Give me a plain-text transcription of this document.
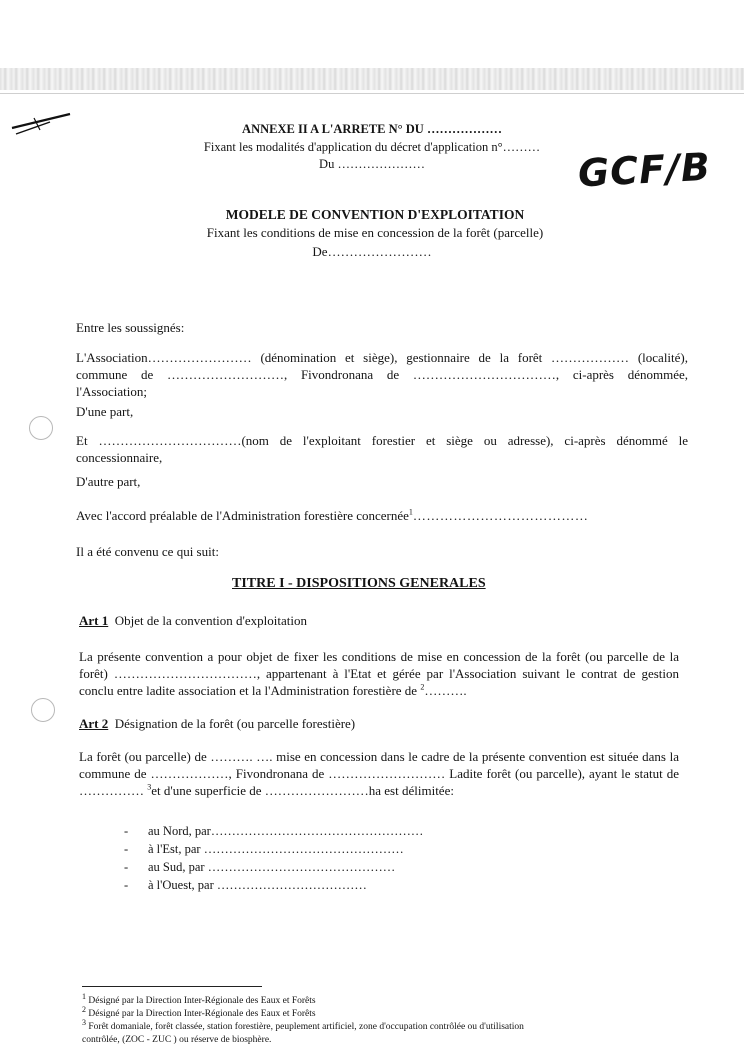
GCF/B
ANNEXE II A L'ARRETE N° DU ………………
Fixant les modalités d'application du décret d'application n°………
Du …………………
MODELE DE CONVENTION D'EXPLOITATION
Fixant les conditions de mise en concession de la forêt (parcelle)
De……………………
Entre les soussignés:
L'Association…………………… (dénomination et siège), gestionnaire de la forêt ……………… (localité), commune de ………………………, Fivondronana de ……………………………, ci-après dénommée, l'Association;
D'une part,
Et ……………………………(nom de l'exploitant forestier et siège ou adresse), ci-après dénommé le concessionnaire,
D'autre part,
Avec l'accord préalable de l'Administration forestière concernée$^1$…………………………………
Il a été convenu ce qui suit:
TITRE I - DISPOSITIONS GENERALES
Art 1 Objet de la convention d'exploitation
La présente convention a pour objet de fixer les conditions de mise en concession de la forêt (ou parcelle de la forêt) ……………………………, appartenant à l'Etat et gérée par l'Association suivant le contrat de gestion conclu entre ladite association et la l'Administration forestière de $^2$……….
Art 2 Désignation de la forêt (ou parcelle forestière)
La forêt (ou parcelle) de ………. …. mise en concession dans le cadre de la présente convention est située dans la commune de ………………, Fivondronana de ……………………… Ladite forêt (ou parcelle), ayant le statut de …………… $^3$et d'une superficie de ……………………ha est délimitée:
-	au Nord, par……………………………………………
-	à l'Est, par …………………………………………
-	au Sud, par ………………………………………
-	à l'Ouest, par ………………………………
$^1$ Désigné par la Direction Inter-Régionale des Eaux et Forêts
$^2$ Désigné par la Direction Inter-Régionale des Eaux et Forêts
$^3$ Forêt domaniale, forêt classée, station forestière, peuplement artificiel, zone d'occupation contrôlée ou d'utilisation
contrôlée, (ZOC - ZUC ) ou réserve de biosphère.
